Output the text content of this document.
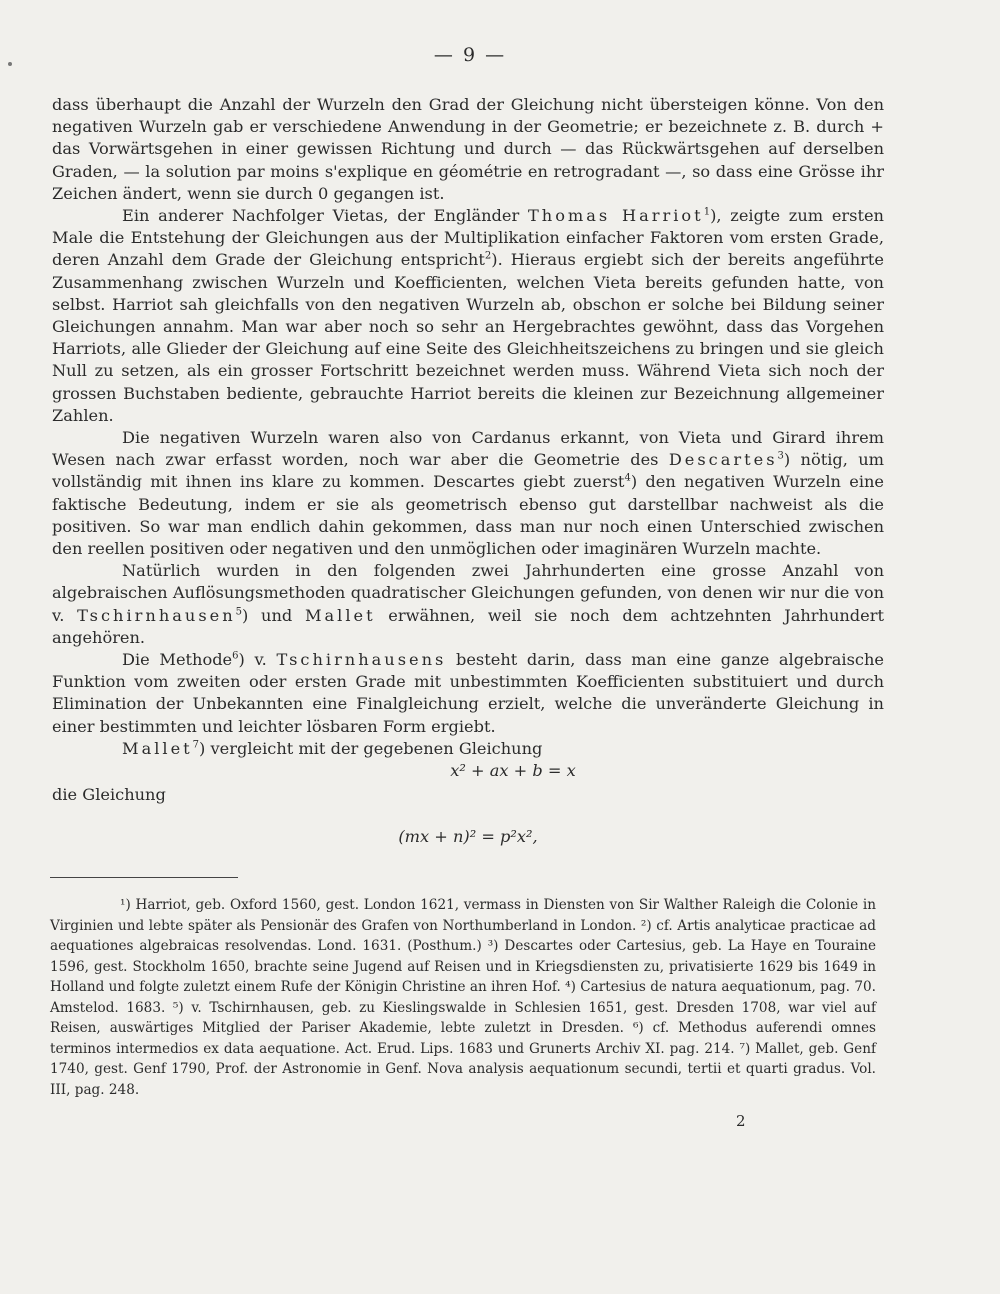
— 9 —

dass überhaupt die Anzahl der Wurzeln den Grad der Gleichung nicht übersteigen könne. Von den negativen Wurzeln gab er verschiedene Anwendung in der Geometrie; er bezeichnete z. B. durch + das Vorwärtsgehen in einer gewissen Richtung und durch — das Rückwärtsgehen auf derselben Graden, — la solution par moins s'explique en géométrie en retrogradant —, so dass eine Grösse ihr Zeichen ändert, wenn sie durch 0 gegangen ist.

Ein anderer Nachfolger Vietas, der Engländer Thomas Harriot$^1$), zeigte zum ersten Male die Entstehung der Gleichungen aus der Multiplikation einfacher Faktoren vom ersten Grade, deren Anzahl dem Grade der Gleichung entspricht$^2$). Hieraus ergiebt sich der bereits angeführte Zusammenhang zwischen Wurzeln und Koefficienten, welchen Vieta bereits gefunden hatte, von selbst. Harriot sah gleichfalls von den negativen Wurzeln ab, obschon er solche bei Bildung seiner Gleichungen annahm. Man war aber noch so sehr an Hergebrachtes gewöhnt, dass das Vorgehen Harriots, alle Glieder der Gleichung auf eine Seite des Gleichheitszeichens zu bringen und sie gleich Null zu setzen, als ein grosser Fortschritt bezeichnet werden muss. Während Vieta sich noch der grossen Buchstaben bediente, gebrauchte Harriot bereits die kleinen zur Bezeichnung allgemeiner Zahlen.

Die negativen Wurzeln waren also von Cardanus erkannt, von Vieta und Girard ihrem Wesen nach zwar erfasst worden, noch war aber die Geometrie des Descartes$^3$) nötig, um vollständig mit ihnen ins klare zu kommen. Descartes giebt zuerst$^4$) den negativen Wurzeln eine faktische Bedeutung, indem er sie als geometrisch ebenso gut darstellbar nachweist als die positiven. So war man endlich dahin gekommen, dass man nur noch einen Unterschied zwischen den reellen positiven oder negativen und den unmöglichen oder imaginären Wurzeln machte.

Natürlich wurden in den folgenden zwei Jahrhunderten eine grosse Anzahl von algebraischen Auflösungsmethoden quadratischer Gleichungen gefunden, von denen wir nur die von v. Tschirnhausen$^5$) und Mallet erwähnen, weil sie noch dem achtzehnten Jahrhundert angehören.

Die Methode$^6$) v. Tschirnhausens besteht darin, dass man eine ganze algebraische Funktion vom zweiten oder ersten Grade mit unbestimmten Koefficienten substituiert und durch Elimination der Unbekannten eine Finalgleichung erzielt, welche die unveränderte Gleichung in einer bestimmten und leichter lösbaren Form ergiebt.

Mallet$^7$) vergleicht mit der gegebenen Gleichung

x² + ax + b = x
die Gleichung
(mx + n)² = p²x²,

¹) Harriot, geb. Oxford 1560, gest. London 1621, vermass in Diensten von Sir Walther Raleigh die Colonie in Virginien und lebte später als Pensionär des Grafen von Northumberland in London. ²) cf. Artis analyticae practicae ad aequationes algebraicas resolvendas. Lond. 1631. (Posthum.) ³) Descartes oder Cartesius, geb. La Haye en Touraine 1596, gest. Stockholm 1650, brachte seine Jugend auf Reisen und in Kriegsdiensten zu, privatisierte 1629 bis 1649 in Holland und folgte zuletzt einem Rufe der Königin Christine an ihren Hof. ⁴) Cartesius de natura aequationum, pag. 70. Amstelod. 1683. ⁵) v. Tschirnhausen, geb. zu Kieslingswalde in Schlesien 1651, gest. Dresden 1708, war viel auf Reisen, auswärtiges Mitglied der Pariser Akademie, lebte zuletzt in Dresden. ⁶) cf. Methodus auferendi omnes terminos intermedios ex data aequatione. Act. Erud. Lips. 1683 und Grunerts Archiv XI. pag. 214. ⁷) Mallet, geb. Genf 1740, gest. Genf 1790, Prof. der Astronomie in Genf. Nova analysis aequationum secundi, tertii et quarti gradus. Vol. III, pag. 248.

2
